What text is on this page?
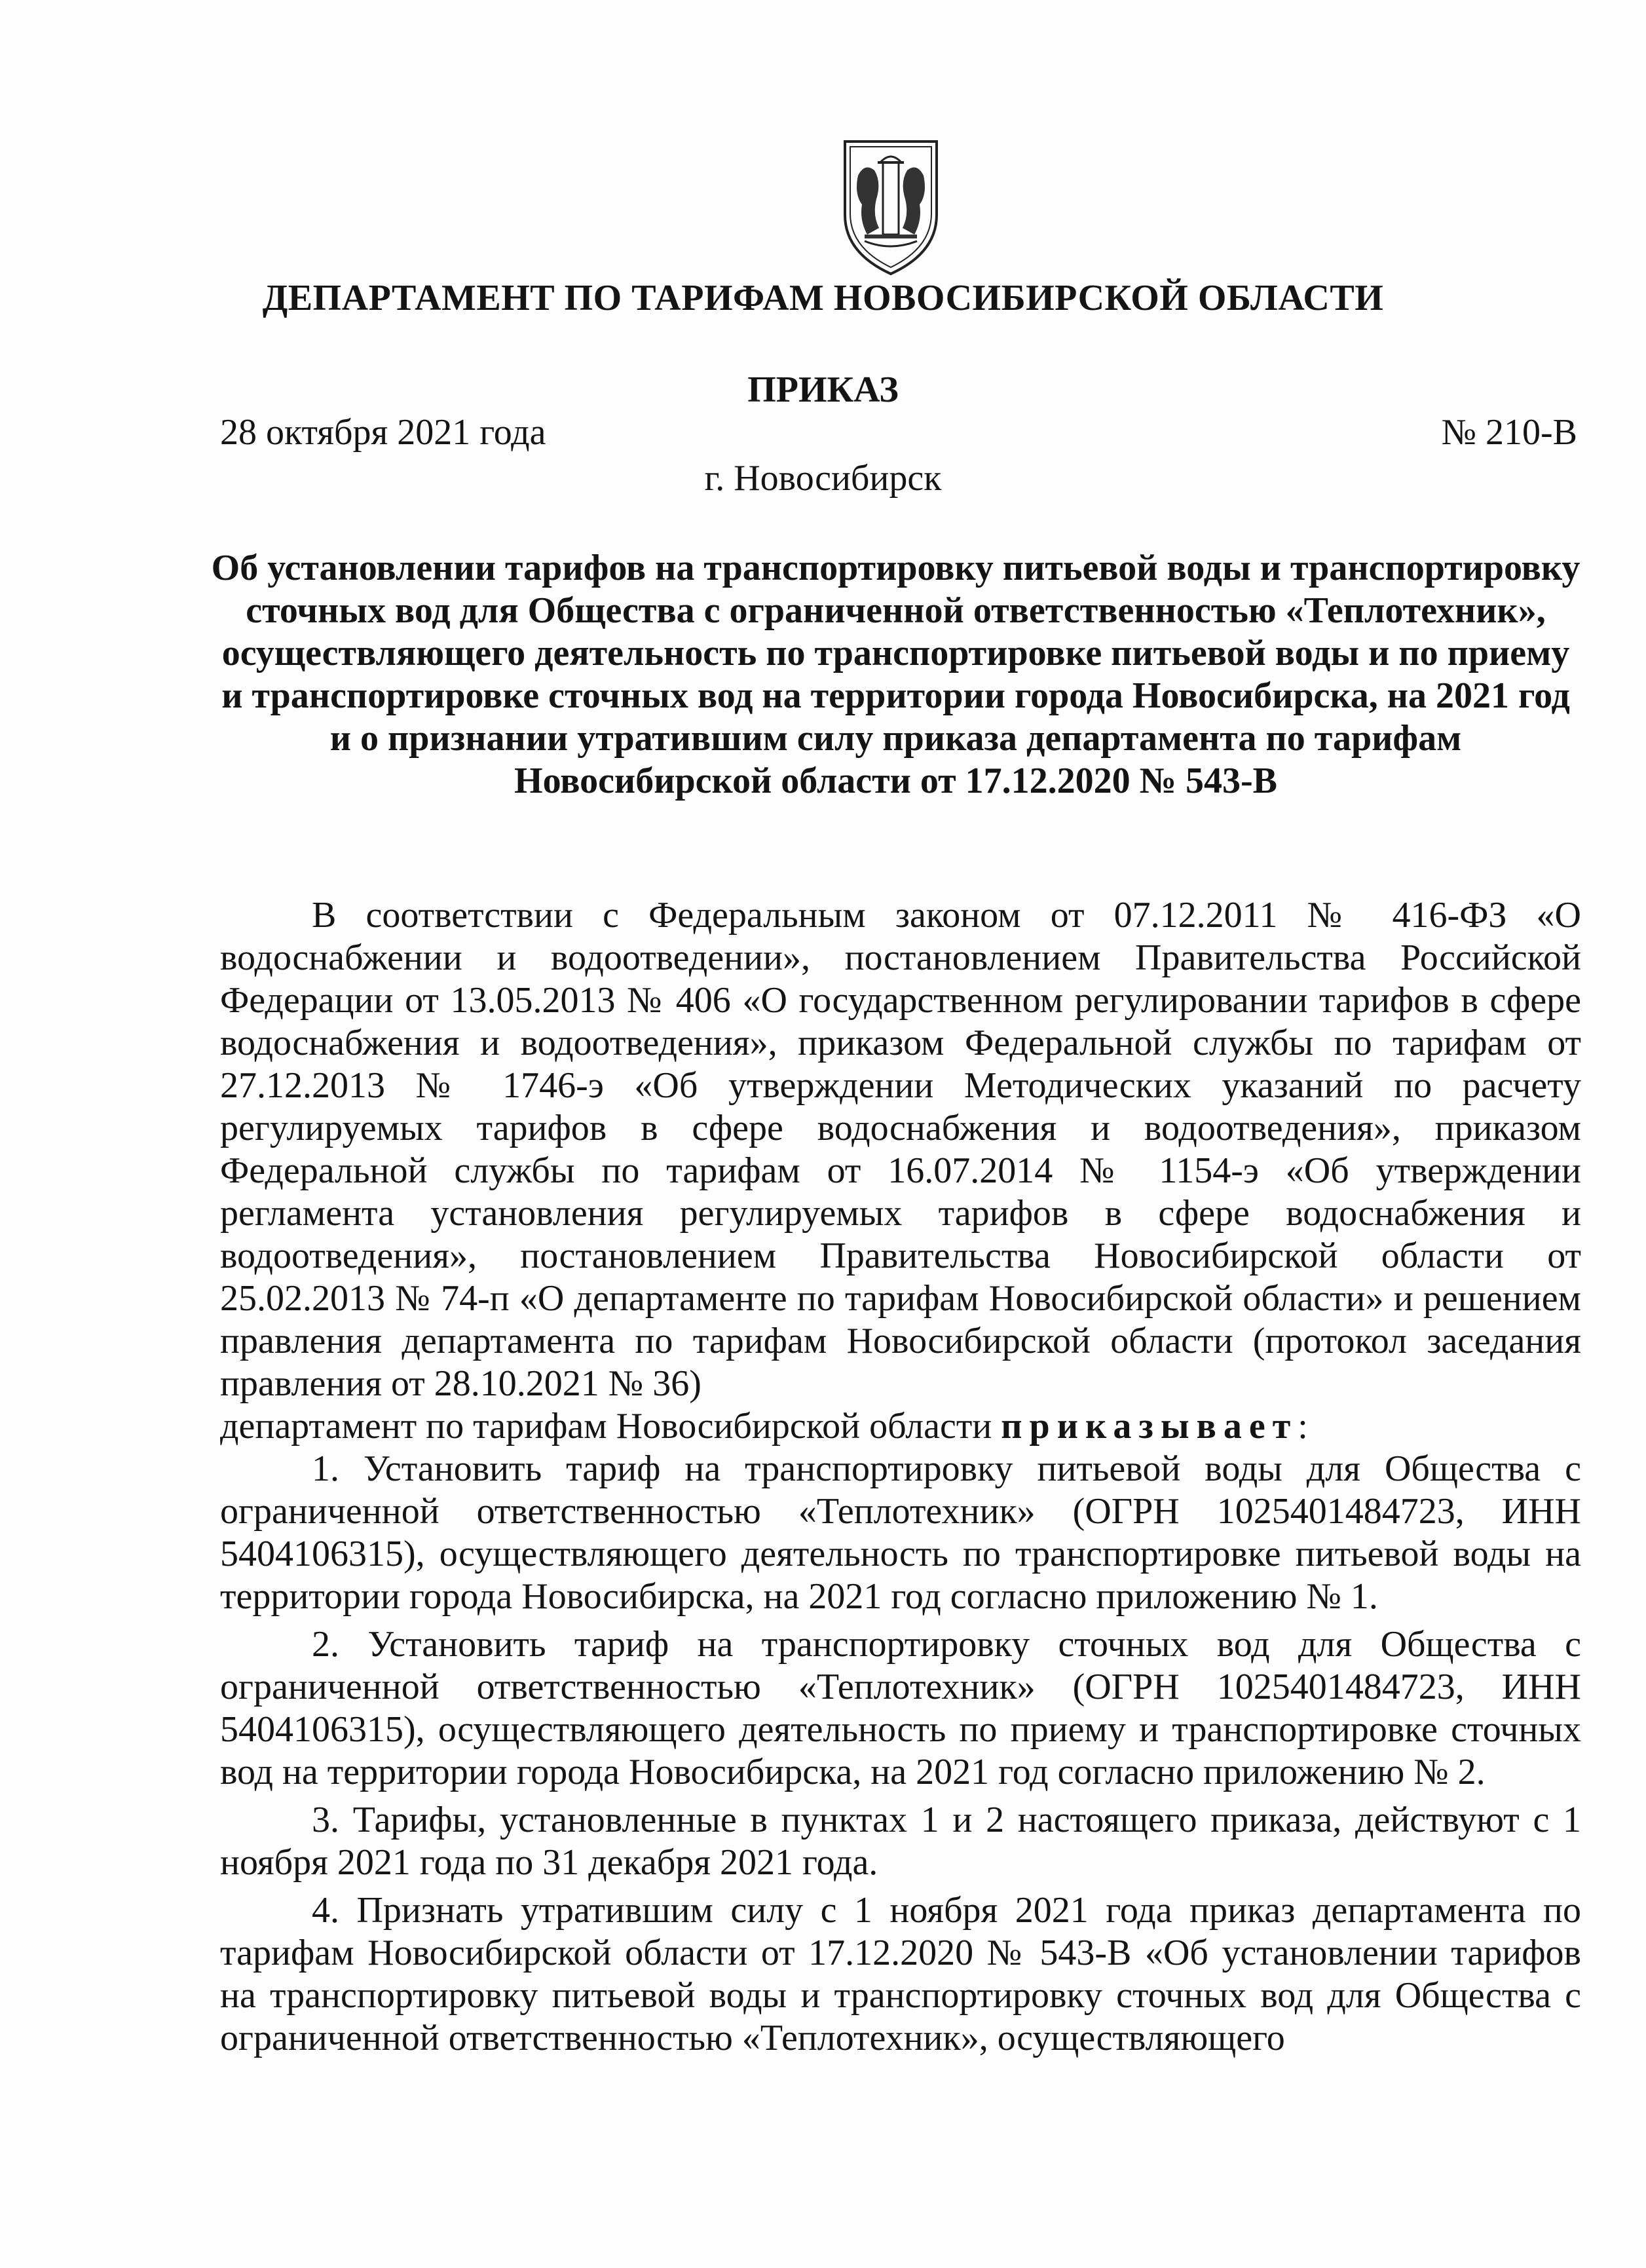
ДЕПАРТАМЕНТ ПО ТАРИФАМ НОВОСИБИРСКОЙ ОБЛАСТИ
ПРИКАЗ
28 октября 2021 года	№ 210-В
г. Новосибирск
Об установлении тарифов на транспортировку питьевой воды и транспортировку сточных вод для Общества с ограниченной ответственностью «Теплотехник», осуществляющего деятельность по транспортировке питьевой воды и по приему и транспортировке сточных вод на территории города Новосибирска, на 2021 год и о признании утратившим силу приказа департамента по тарифам Новосибирской области от 17.12.2020 № 543-В

В соответствии с Федеральным законом от 07.12.2011 № 416-ФЗ «О водоснабжении и водоотведении», постановлением Правительства Российской Федерации от 13.05.2013 № 406 «О государственном регулировании тарифов в сфере водоснабжения и водоотведения», приказом Федеральной службы по тарифам от 27.12.2013 № 1746-э «Об утверждении Методических указаний по расчету регулируемых тарифов в сфере водоснабжения и водоотведения», приказом Федеральной службы по тарифам от 16.07.2014 № 1154-э «Об утверждении регламента установления регулируемых тарифов в сфере водоснабжения и водоотведения», постановлением Правительства Новосибирской области от 25.02.2013 № 74-п «О департаменте по тарифам Новосибирской области» и решением правления департамента по тарифам Новосибирской области (протокол заседания правления от 28.10.2021 № 36)

департамент по тарифам Новосибирской области приказывает:

1. Установить тариф на транспортировку питьевой воды для Общества с ограниченной ответственностью «Теплотехник» (ОГРН 1025401484723, ИНН 5404106315), осуществляющего деятельность по транспортировке питьевой воды на территории города Новосибирска, на 2021 год согласно приложению № 1.

2. Установить тариф на транспортировку сточных вод для Общества с ограниченной ответственностью «Теплотехник» (ОГРН 1025401484723, ИНН 5404106315), осуществляющего деятельность по приему и транспортировке сточных вод на территории города Новосибирска, на 2021 год согласно приложению № 2.

3. Тарифы, установленные в пунктах 1 и 2 настоящего приказа, действуют с 1 ноября 2021 года по 31 декабря 2021 года.

4. Признать утратившим силу с 1 ноября 2021 года приказ департамента по тарифам Новосибирской области от 17.12.2020 № 543-В «Об установлении тарифов на транспортировку питьевой воды и транспортировку сточных вод для Общества с ограниченной ответственностью «Теплотехник», осуществляющего
